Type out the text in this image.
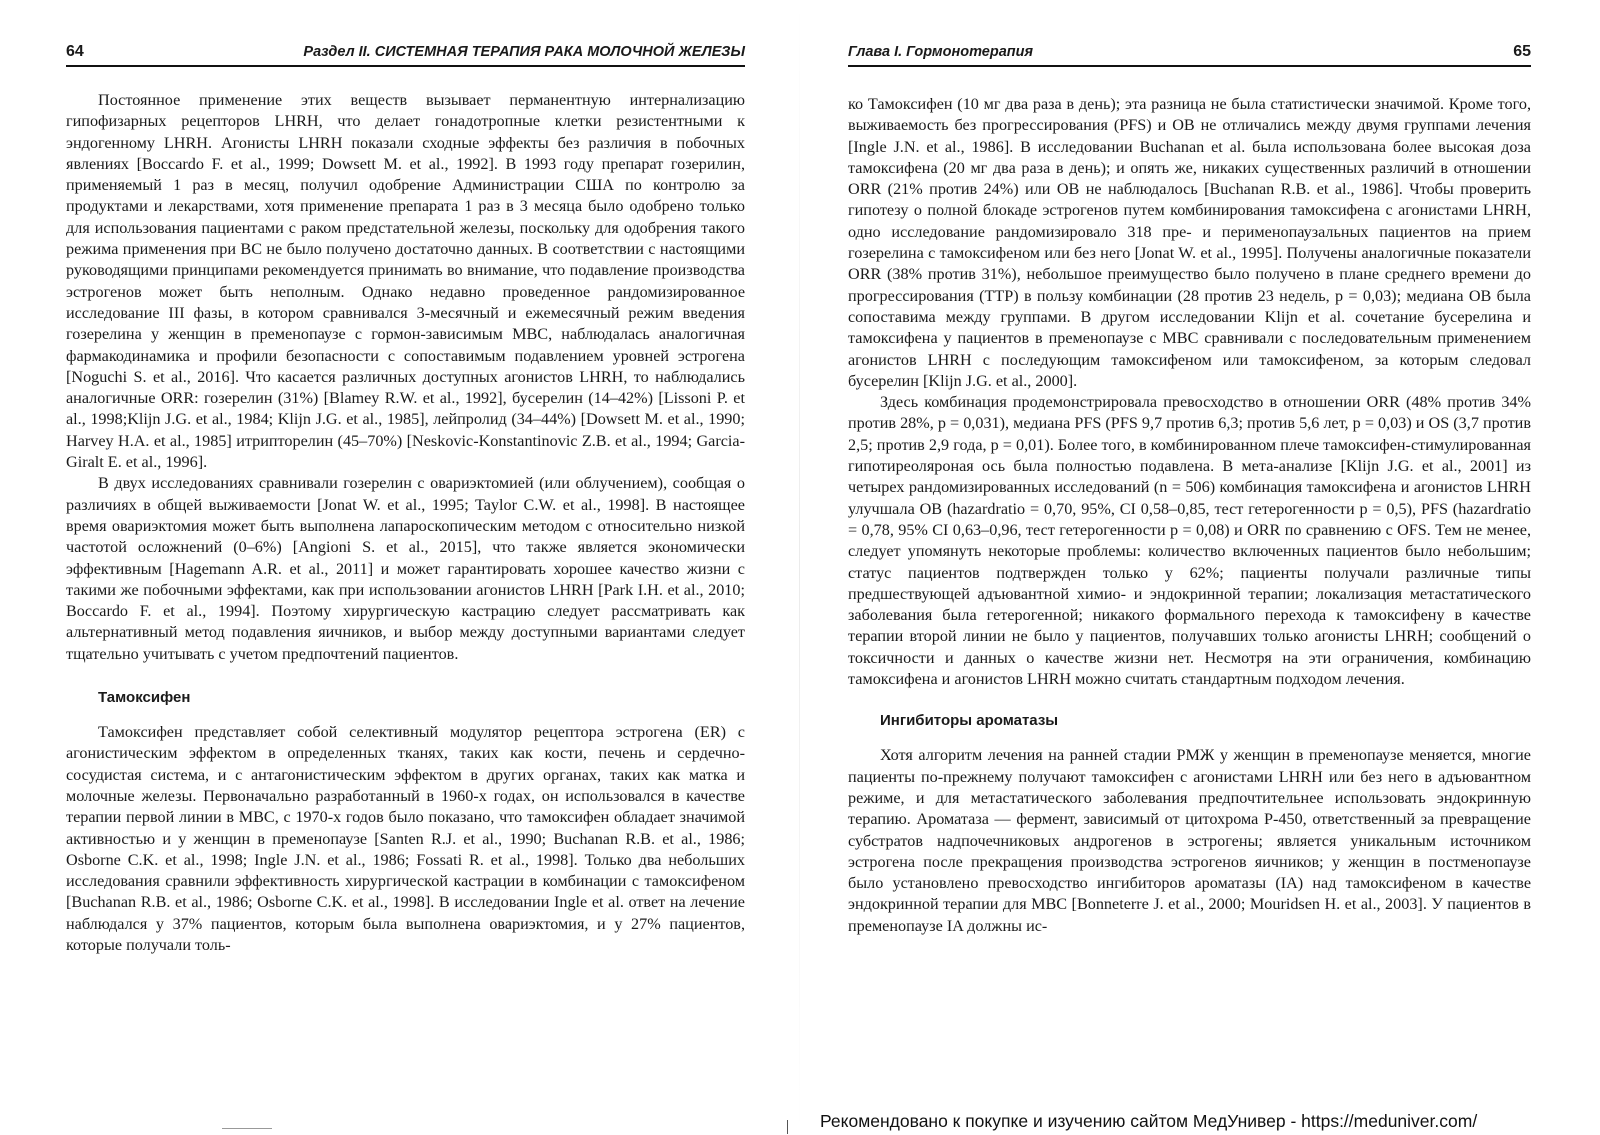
64	Раздел II. СИСТЕМНАЯ ТЕРАПИЯ РАКА МОЛОЧНОЙ ЖЕЛЕЗЫ

Постоянное применение этих веществ вызывает перманентную интернализацию гипофизарных рецепторов LHRH, что делает гонадотропные клетки резистентными к эндогенному LHRH. Агонисты LHRH показали сходные эффекты без различия в побочных явлениях [Boccardo F. et al., 1999; Dowsett M. et al., 1992]. В 1993 году препарат гозерилин, применяемый 1 раз в месяц, получил одобрение Администрации США по контролю за продуктами и лекарствами, хотя применение препарата 1 раз в 3 месяца было одобрено только для использования пациентами с раком предстательной железы, поскольку для одобрения такого режима применения при ВС не было получено достаточно данных. В соответствии с настоящими руководящими принципами рекомендуется принимать во внимание, что подавление производства эстрогенов может быть неполным. Однако недавно проведенное рандомизированное исследование III фазы, в котором сравнивался 3-месячный и ежемесячный режим введения гозерелина у женщин в пременопаузе с гормон-зависимым МВС, наблюдалась аналогичная фармакодинамика и профили безопасности с сопоставимым подавлением уровней эстрогена [Noguchi S. et al., 2016]. Что касается различных доступных агонистов LHRH, то наблюдались аналогичные ORR: гозерелин (31%) [Blamey R.W. et al., 1992], бусерелин (14–42%) [Lissoni P. et al., 1998;Klijn J.G. et al., 1984; Klijn J.G. et al., 1985], лейпролид (34–44%) [Dowsett M. et al., 1990; Harvey H.A. et al., 1985] итрипторелин (45–70%) [Neskovic-Konstantinovic Z.B. et al., 1994; Garcia-Giralt E. et al., 1996].

В двух исследованиях сравнивали гозерелин с овариэктомией (или облучением), сообщая о различиях в общей выживаемости [Jonat W. et al., 1995; Taylor C.W. et al., 1998]. В настоящее время овариэктомия может быть выполнена лапароскопическим методом с относительно низкой частотой осложнений (0–6%) [Angioni S. et al., 2015], что также является экономически эффективным [Hagemann A.R. et al., 2011] и может гарантировать хорошее качество жизни с такими же побочными эффектами, как при использовании агонистов LHRH [Park I.H. et al., 2010; Boccardo F. et al., 1994]. Поэтому хирургическую кастрацию следует рассматривать как альтернативный метод подавления яичников, и выбор между доступными вариантами следует тщательно учитывать с учетом предпочтений пациентов.

Тамоксифен

Тамоксифен представляет собой селективный модулятор рецептора эстрогена (ER) с агонистическим эффектом в определенных тканях, таких как кости, печень и сердечно-сосудистая система, и с антагонистическим эффектом в других органах, таких как матка и молочные железы. Первоначально разработанный в 1960-х годах, он использовался в качестве терапии первой линии в МВС, с 1970-х годов было показано, что тамоксифен обладает значимой активностью и у женщин в пременопаузе [Santen R.J. et al., 1990; Buchanan R.B. et al., 1986; Osborne C.K. et al., 1998; Ingle J.N. et al., 1986; Fossati R. et al., 1998]. Только два небольших исследования сравнили эффективность хирургической кастрации в комбинации с тамоксифеном [Buchanan R.B. et al., 1986; Osborne C.K. et al., 1998]. В исследовании Ingle et al. ответ на лечение наблюдался у 37% пациентов, которым была выполнена овариэктомия, и у 27% пациентов, которые получали толь-

Глава I. Гормонотерапия	65

ко Тамоксифен (10 мг два раза в день); эта разница не была статистически значимой. Кроме того, выживаемость без прогрессирования (PFS) и ОВ не отличались между двумя группами лечения [Ingle J.N. et al., 1986]. В исследовании Buchanan et al. была использована более высокая доза тамоксифена (20 мг два раза в день); и опять же, никаких существенных различий в отношении ORR (21% против 24%) или ОВ не наблюдалось [Buchanan R.B. et al., 1986]. Чтобы проверить гипотезу о полной блокаде эстрогенов путем комбинирования тамоксифена с агонистами LHRH, одно исследование рандомизировало 318 пре- и перименопаузальных пациентов на прием гозерелина с тамоксифеном или без него [Jonat W. et al., 1995]. Получены аналогичные показатели ORR (38% против 31%), небольшое преимущество было получено в плане среднего времени до прогрессирования (TTP) в пользу комбинации (28 против 23 недель, p = 0,03); медиана ОВ была сопоставима между группами. В другом исследовании Klijn et al. сочетание бусерелина и тамоксифена у пациентов в пременопаузе с МВС сравнивали с последовательным применением агонистов LHRH с последующим тамоксифеном или тамоксифеном, за которым следовал бусерелин [Klijn J.G. et al., 2000].

Здесь комбинация продемонстрировала превосходство в отношении ORR (48% против 34% против 28%, p = 0,031), медиана PFS (PFS 9,7 против 6,3; против 5,6 лет, p = 0,03) и OS (3,7 против 2,5; против 2,9 года, p = 0,01). Более того, в комбинированном плече тамоксифен-стимулированная гипотиреоляроная ось была полностью подавлена. В мета-анализе [Klijn J.G. et al., 2001] из четырех рандомизированных исследований (n = 506) комбинация тамоксифена и агонистов LHRH улучшала ОВ (hazardratio = 0,70, 95%, CI 0,58–0,85, тест гетерогенности p = 0,5), PFS (hazardratio = 0,78, 95% CI 0,63–0,96, тест гетерогенности p = 0,08) и ORR по сравнению с OFS. Тем не менее, следует упомянуть некоторые проблемы: количество включенных пациентов было небольшим; статус пациентов подтвержден только у 62%; пациенты получали различные типы предшествующей адъювантной химио- и эндокринной терапии; локализация метастатического заболевания была гетерогенной; никакого формального перехода к тамоксифену в качестве терапии второй линии не было у пациентов, получавших только агонисты LHRH; сообщений о токсичности и данных о качестве жизни нет. Несмотря на эти ограничения, комбинацию тамоксифена и агонистов LHRH можно считать стандартным подходом лечения.

Ингибиторы ароматазы

Хотя алгоритм лечения на ранней стадии РМЖ у женщин в пременопаузе меняется, многие пациенты по-прежнему получают тамоксифен с агонистами LHRH или без него в адъювантном режиме, и для метастатического заболевания предпочтительнее использовать эндокринную терапию. Ароматаза — фермент, зависимый от цитохрома Р-450, ответственный за превращение субстратов надпочечниковых андрогенов в эстрогены; является уникальным источником эстрогена после прекращения производства эстрогенов яичников; у женщин в постменопаузе было установлено превосходство ингибиторов ароматазы (IA) над тамоксифеном в качестве эндокринной терапии для МВС [Bonneterre J. et al., 2000; Mouridsen H. et al., 2003]. У пациентов в пременопаузе IA должны ис-

Рекомендовано к покупке и изучению сайтом МедУнивер - https://meduniver.com/
